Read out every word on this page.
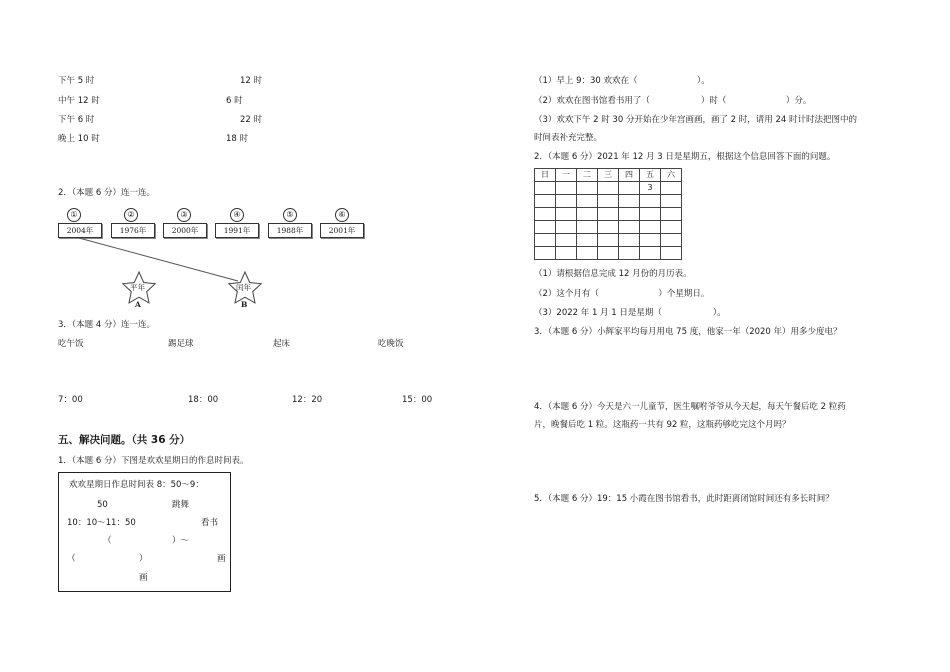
下午 5 时	12 时
中午 12 时	6 时
下午 6 时	22 时
晚上 10 时	18 时
2．（本题 6 分）连一连。
①	②	③	④	⑤	⑥
2004年	1976年	2000年	1991年	1988年	2001年
平年
A
闰年
B
3．（本题 4 分）连一连。
吃午饭	踢足球	起床	吃晚饭
7：00	18：00	12：20	15：00
五、解决问题。（共 36 分）
1．（本题 6 分）下图是欢欢星期日的作息时间表。
欢欢星期日作息时间表 8：50～9：
50	跳舞
10：10～11：50	看书
（	）～
（	）	画
画
（1）早上 9：30 欢欢在（　　　　　　　）。
（2）欢欢在图书馆看书用了（　　　　　　）时（　　　　　　　）分。
（3）欢欢下午 2 时 30 分开始在少年宫画画，画了 2 时，请用 24 时计时法把图中的
时间表补充完整。
2．（本题 6 分）2021 年 12 月 3 日是星期五，根据这个信息回答下面的问题。
日	一	二	三	四	五	六
					3	

（1）请根据信息完成 12 月份的月历表。
（2）这个月有（　　　　　　　）个星期日。
（3）2022 年 1 月 1 日是星期（　　　　　　）。
3．（本题 6 分）小辉家平均每月用电 75 度，他家一年（2020 年）用多少度电？
4．（本题 6 分）今天是六一儿童节，医生嘱咐爷爷从今天起，每天午餐后吃 2 粒药
片，晚餐后吃 1 粒。这瓶药一共有 92 粒，这瓶药够吃完这个月吗？
5．（本题 6 分）19：15 小霞在图书馆看书，此时距离闭馆时间还有多长时间？
